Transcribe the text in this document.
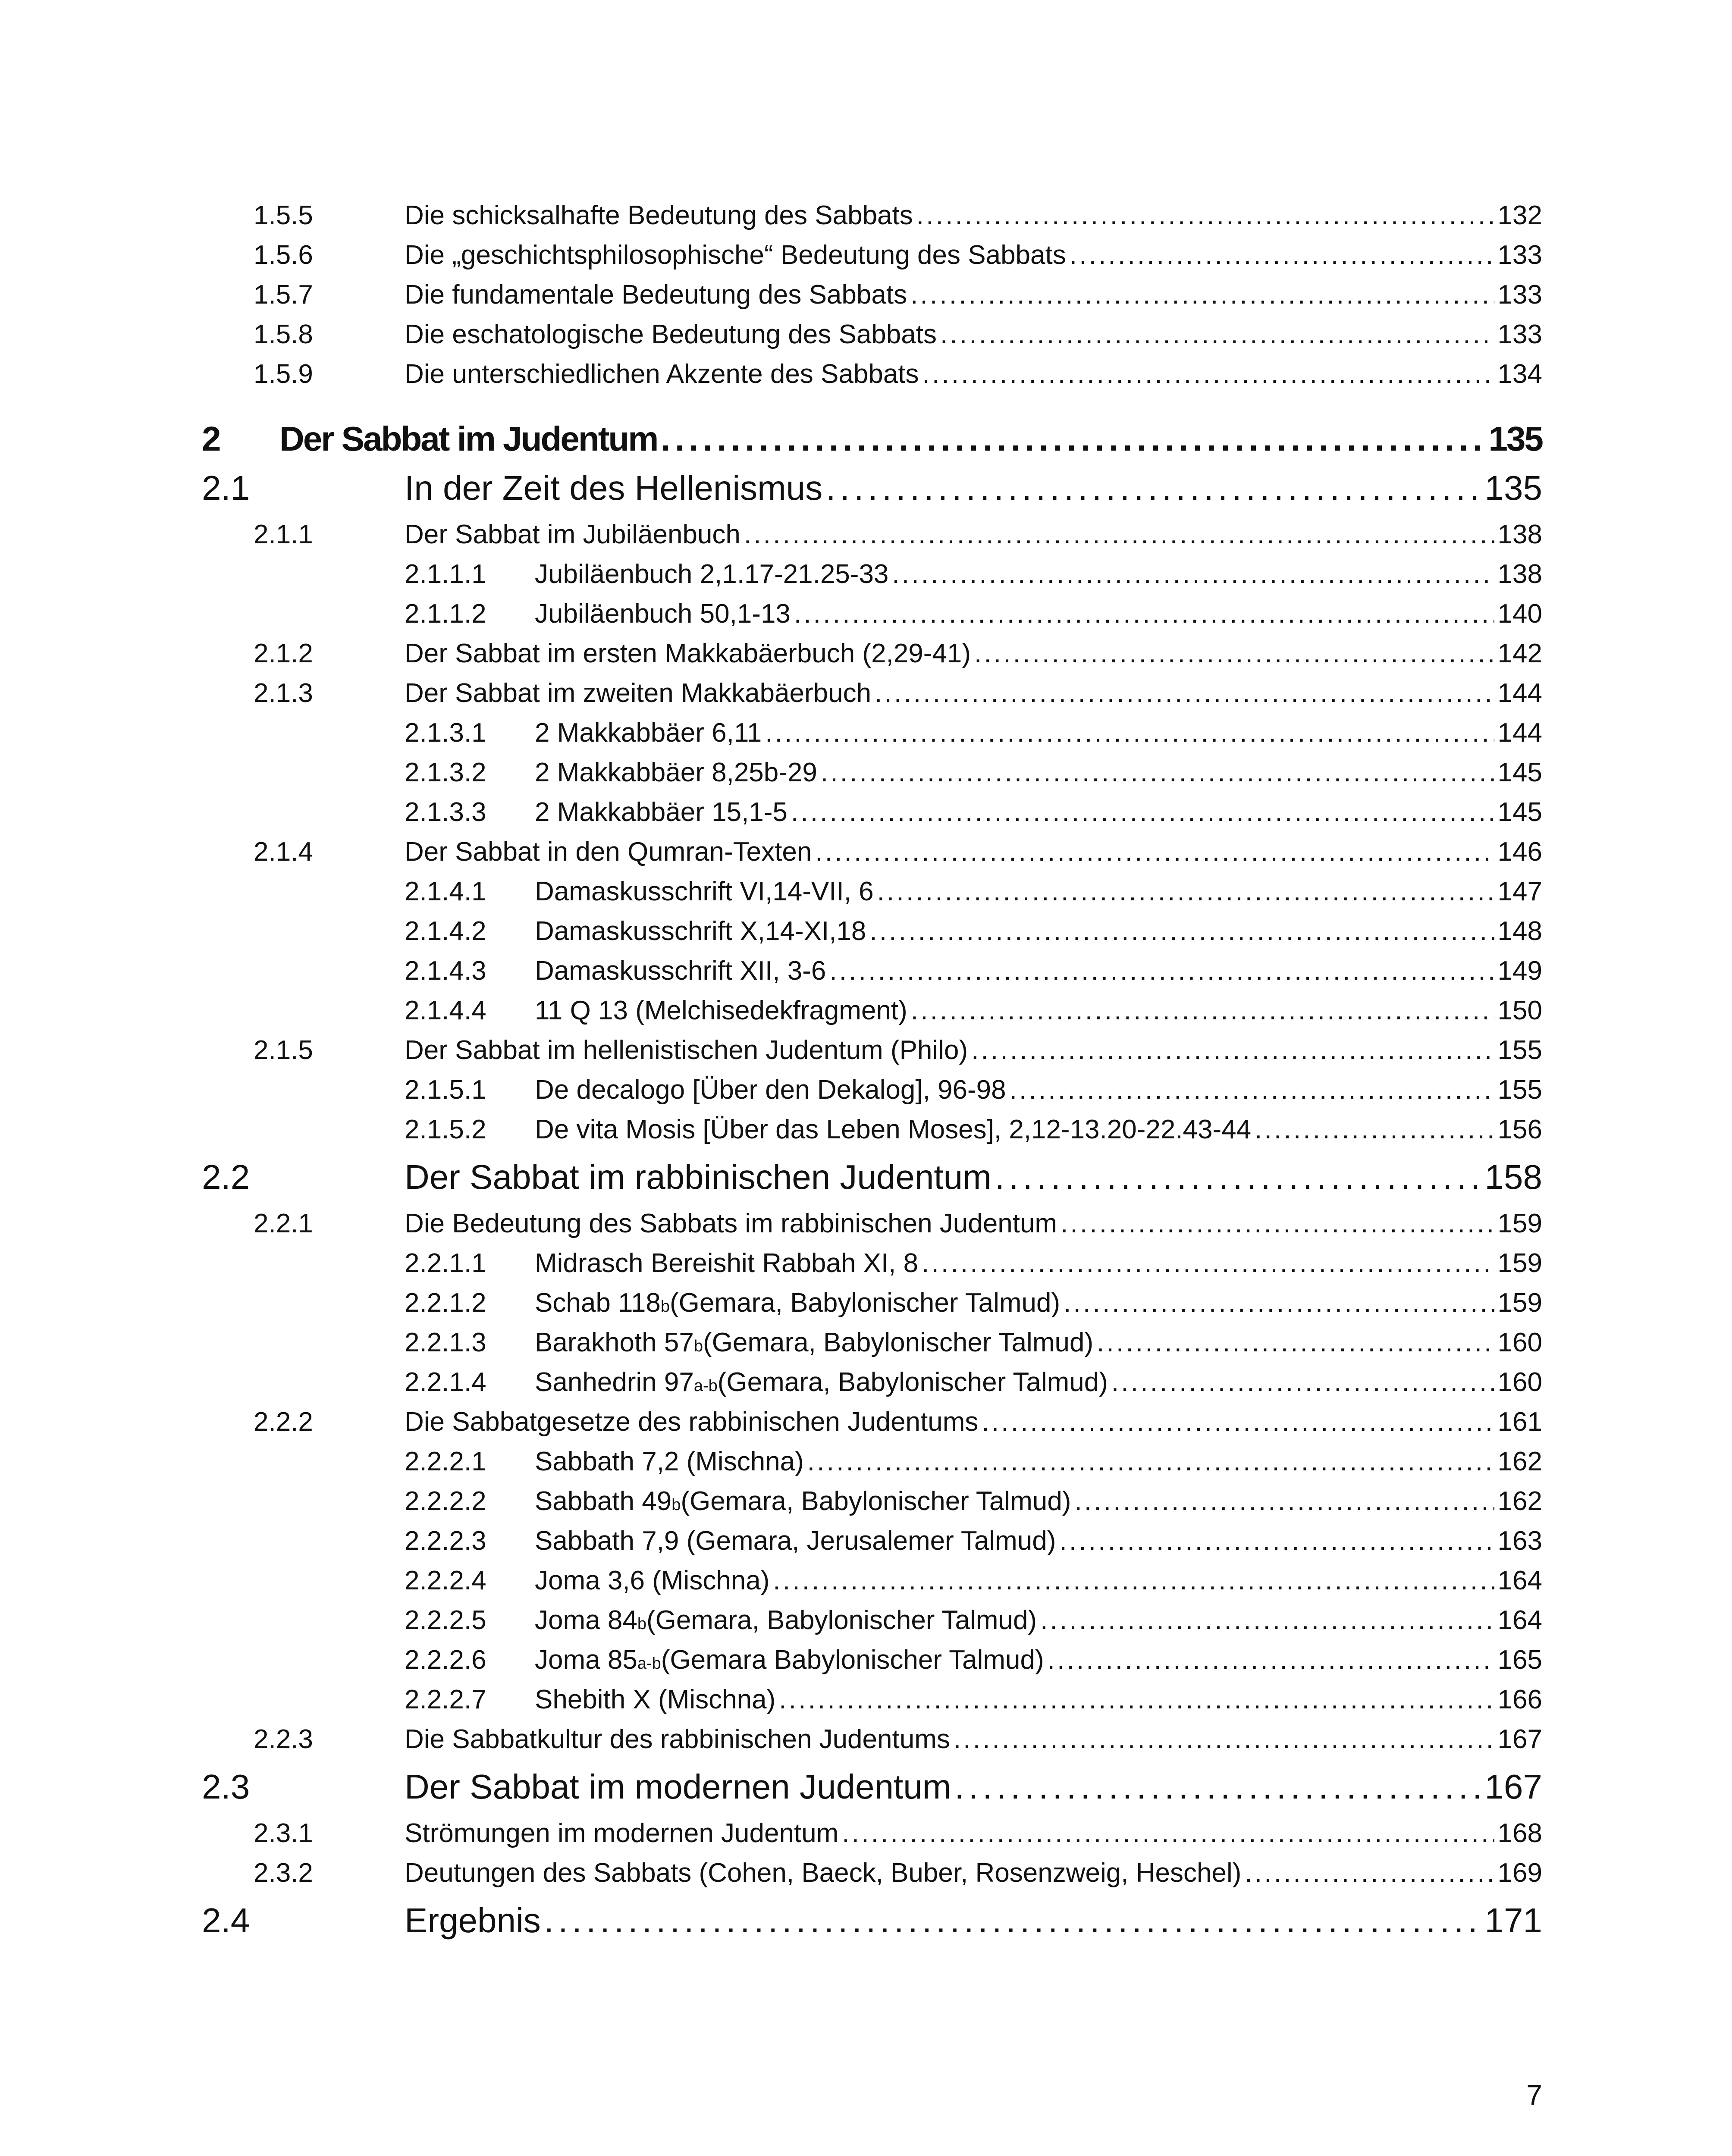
1.5.5	Die schicksalhafte Bedeutung des Sabbats . . .	132
1.5.6	Die „geschichtsphilosophische“ Bedeutung des Sabbats . . .	133
1.5.7	Die fundamentale Bedeutung des Sabbats . . .	133
1.5.8	Die eschatologische Bedeutung des Sabbats . . .	133
1.5.9	Die unterschiedlichen Akzente des Sabbats . . .	134
2 Der Sabbat im Judentum . . .	135
2.1	In der Zeit des Hellenismus . . .	135
2.1.1	Der Sabbat im Jubiläenbuch . . .	138
2.1.1.1 Jubiläenbuch 2,1.17-21.25-33 . . .	138
2.1.1.2 Jubiläenbuch 50,1-13 . . .	140
2.1.2	Der Sabbat im ersten Makkabäerbuch (2,29-41) . . .	142
2.1.3	Der Sabbat im zweiten Makkabäerbuch . . .	144
2.1.3.1 2 Makkabbäer 6,11 . . .	144
2.1.3.2 2 Makkabbäer 8,25b-29 . . .	145
2.1.3.3 2 Makkabbäer 15,1-5 . . .	145
2.1.4	Der Sabbat in den Qumran-Texten . . .	146
2.1.4.1 Damaskusschrift VI,14-VII, 6 . . .	147
2.1.4.2 Damaskusschrift X,14-XI,18 . . .	148
2.1.4.3 Damaskusschrift XII, 3-6 . . .	149
2.1.4.4 11 Q 13 (Melchisedekfragment) . . .	150
2.1.5	Der Sabbat im hellenistischen Judentum (Philo) . . .	155
2.1.5.1 De decalogo [Über den Dekalog], 96-98 . . .	155
2.1.5.2 De vita Mosis [Über das Leben Moses], 2,12-13.20-22.43-44 . . .	156
2.2	Der Sabbat im rabbinischen Judentum . . .	158
2.2.1	Die Bedeutung des Sabbats im rabbinischen Judentum . . .	159
2.2.1.1 Midrasch Bereishit Rabbah XI, 8 . . .	159
2.2.1.2 Schab 118 b (Gemara, Babylonischer Talmud) . . .	159
2.2.1.3 Barakhoth 57 b (Gemara, Babylonischer Talmud) . . .	160
2.2.1.4 Sanhedrin 97 a-b (Gemara, Babylonischer Talmud) . . .	160
2.2.2	Die Sabbatgesetze des rabbinischen Judentums . . .	161
2.2.2.1 Sabbath 7,2 (Mischna) . . .	162
2.2.2.2 Sabbath 49 b (Gemara, Babylonischer Talmud) . . .	162
2.2.2.3 Sabbath 7,9 (Gemara, Jerusalemer Talmud) . . .	163
2.2.2.4 Joma 3,6 (Mischna) . . .	164
2.2.2.5 Joma 84 b (Gemara, Babylonischer Talmud) . . .	164
2.2.2.6 Joma 85 a-b (Gemara Babylonischer Talmud) . . .	165
2.2.2.7 Shebith X (Mischna) . . .	166
2.2.3	Die Sabbatkultur des rabbinischen Judentums . . .	167
2.3	Der Sabbat im modernen Judentum . . .	167
2.3.1	Strömungen im modernen Judentum . . .	168
2.3.2	Deutungen des Sabbats (Cohen, Baeck, Buber, Rosenzweig, Heschel) . . .	169
2.4	Ergebnis . . .	171
7
